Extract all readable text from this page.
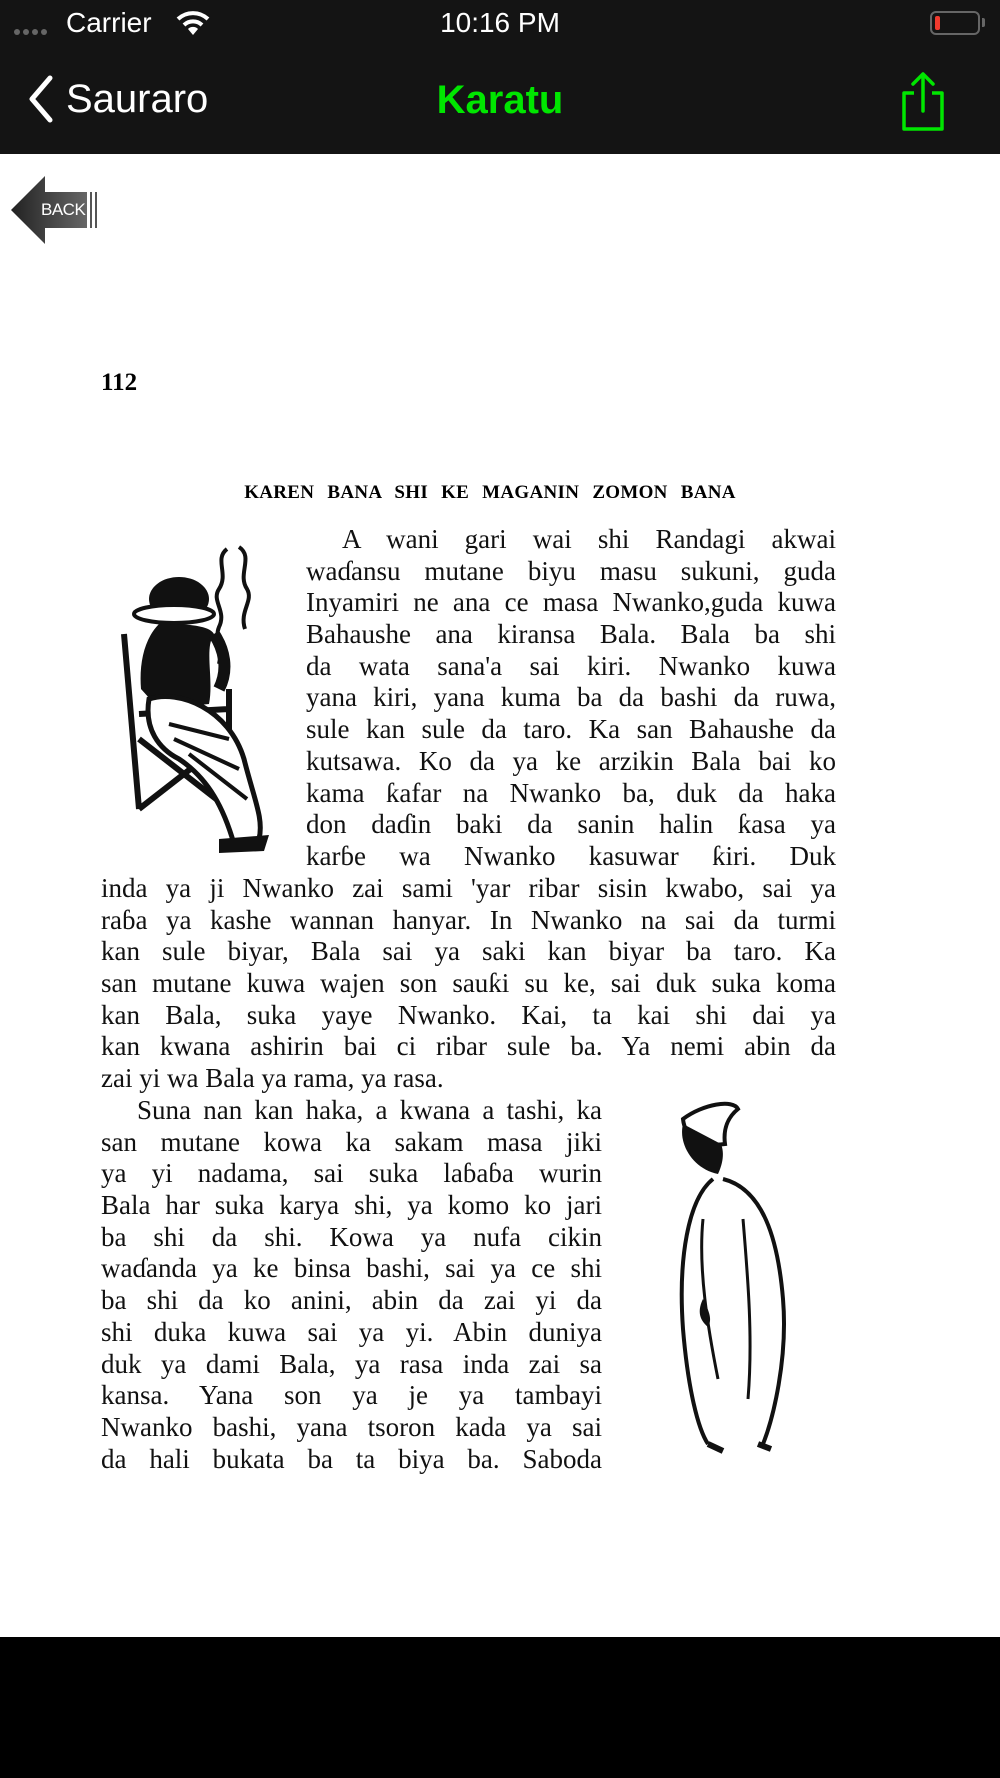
Carrier	10:16 PM
Sauraro	Karatu
BACK
112
KAREN BANA SHI KE MAGANIN ZOMON BANA
A wani gari wai shi Randagi akwai
waɗansu mutane biyu masu sukuni, guda
Inyamiri ne ana ce masa Nwanko,guda kuwa
Bahaushe ana kiransa Bala. Bala ba shi
da wata sana'a sai kiri. Nwanko kuwa
yana kiri, yana kuma ba da bashi da ruwa,
sule kan sule da taro. Ka san Bahaushe da
kutsawa. Ko da ya ke arzikin Bala bai ko
kama ƙafar na Nwanko ba, duk da haka
don daɗin baki da sanin halin ƙasa ya
karɓe wa Nwanko kasuwar ƙiri. Duk
inda ya ji Nwanko zai sami 'yar ribar sisin kwabo, sai ya
raɓa ya kashe wannan hanyar. In Nwanko na sai da turmi
kan sule biyar, Bala sai ya saki kan biyar ba taro. Ka
san mutane kuwa wajen son sauƙi su ke, sai duk suka koma
kan Bala, suka yaye Nwanko. Kai, ta kai shi dai ya
kan kwana ashirin bai ci ribar sule ba. Ya nemi abin da
zai yi wa Bala ya rama, ya rasa.
Suna nan kan haka, a kwana a tashi, ka
san mutane kowa ka sakam masa jiki
ya yi nadama, sai suka laɓaɓa wurin
Bala har suka karya shi, ya komo ko jari
ba shi da shi. Kowa ya nufa cikin
waɗanda ya ke binsa bashi, sai ya ce shi
ba shi da ko anini, abin da zai yi da
shi duka kuwa sai ya yi. Abin duniya
duk ya dami Bala, ya rasa inda zai sa
kansa. Yana son ya je ya tambayi
Nwanko bashi, yana tsoron kada ya sai
da hali bukata ba ta biya ba. Saboda
